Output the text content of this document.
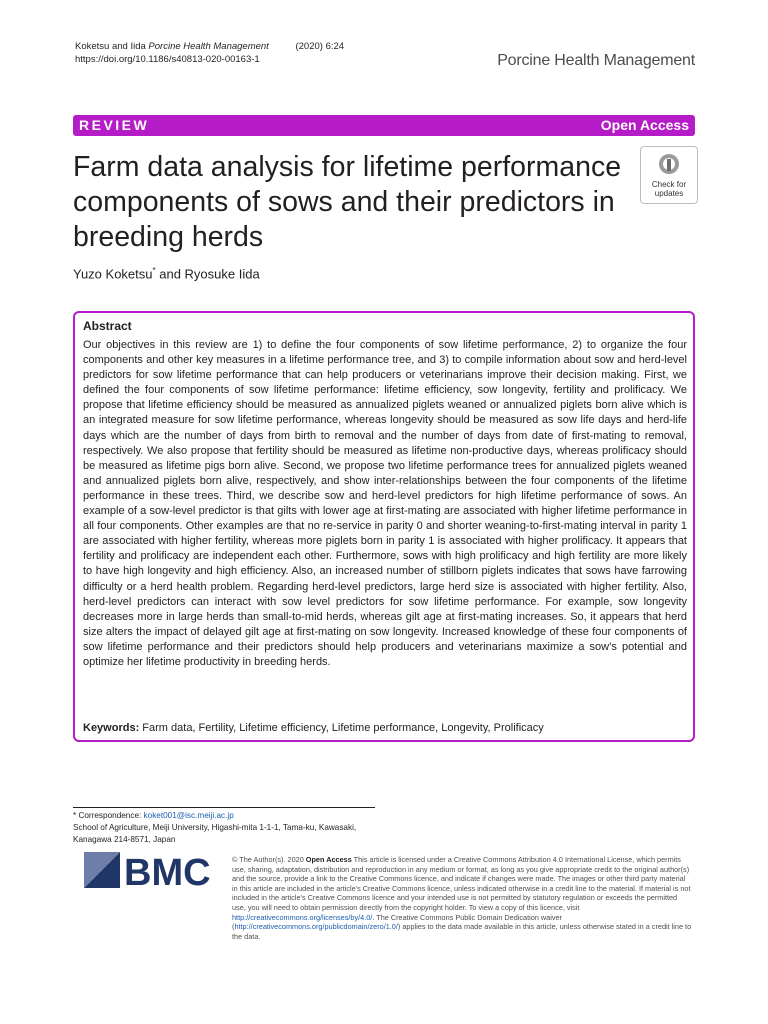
Koketsu and Iida Porcine Health Management	(2020) 6:24
https://doi.org/10.1186/s40813-020-00163-1	Porcine Health Management
REVIEW	Open Access
Farm data analysis for lifetime performance components of sows and their predictors in breeding herds
Check for
updates
Yuzo Koketsu* and Ryosuke Iida
Abstract
Our objectives in this review are 1) to define the four components of sow lifetime performance, 2) to organize the four components and other key measures in a lifetime performance tree, and 3) to compile information about sow and herd-level predictors for sow lifetime performance that can help producers or veterinarians improve their decision making. First, we defined the four components of sow lifetime performance: lifetime efficiency, sow longevity, fertility and prolificacy. We propose that lifetime efficiency should be measured as annualized piglets weaned or annualized piglets born alive which is an integrated measure for sow lifetime performance, whereas longevity should be measured as sow life days and herd-life days which are the number of days from birth to removal and the number of days from date of first-mating to removal, respectively. We also propose that fertility should be measured as lifetime non-productive days, whereas prolificacy should be measured as lifetime pigs born alive. Second, we propose two lifetime performance trees for annualized piglets weaned and annualized piglets born alive, respectively, and show inter-relationships between the four components of the lifetime performance in these trees. Third, we describe sow and herd-level predictors for high lifetime performance of sows. An example of a sow-level predictor is that gilts with lower age at first-mating are associated with higher lifetime performance in all four components. Other examples are that no re-service in parity 0 and shorter weaning-to-first-mating interval in parity 1 are associated with higher fertility, whereas more piglets born in parity 1 is associated with higher prolificacy. It appears that fertility and prolificacy are independent each other. Furthermore, sows with high prolificacy and high fertility are more likely to have high longevity and high efficiency. Also, an increased number of stillborn piglets indicates that sows have farrowing difficulty or a herd health problem. Regarding herd-level predictors, large herd size is associated with higher fertility. Also, herd-level predictors can interact with sow level predictors for sow lifetime performance. For example, sow longevity decreases more in large herds than small-to-mid herds, whereas gilt age at first-mating increases. So, it appears that herd size alters the impact of delayed gilt age at first-mating on sow longevity. Increased knowledge of these four components of sow lifetime performance and their predictors should help producers and veterinarians maximize a sow’s potential and optimize her lifetime productivity in breeding herds.
Keywords: Farm data, Fertility, Lifetime efficiency, Lifetime performance, Longevity, Prolificacy
* Correspondence: koket001@isc.meiji.ac.jp
School of Agriculture, Meiji University, Higashi-mita 1-1-1, Tama-ku, Kawasaki, Kanagawa 214-8571, Japan
BMC	© The Author(s). 2020 Open Access This article is licensed under a Creative Commons Attribution 4.0 International License, which permits use, sharing, adaptation, distribution and reproduction in any medium or format, as long as you give appropriate credit to the original author(s) and the source, provide a link to the Creative Commons licence, and indicate if changes were made. The images or other third party material in this article are included in the article's Creative Commons licence, unless indicated otherwise in a credit line to the material. If material is not included in the article's Creative Commons licence and your intended use is not permitted by statutory regulation or exceeds the permitted use, you will need to obtain permission directly from the copyright holder. To view a copy of this licence, visit http://creativecommons.org/licenses/by/4.0/. The Creative Commons Public Domain Dedication waiver (http://creativecommons.org/publicdomain/zero/1.0/) applies to the data made available in this article, unless otherwise stated in a credit line to the data.
